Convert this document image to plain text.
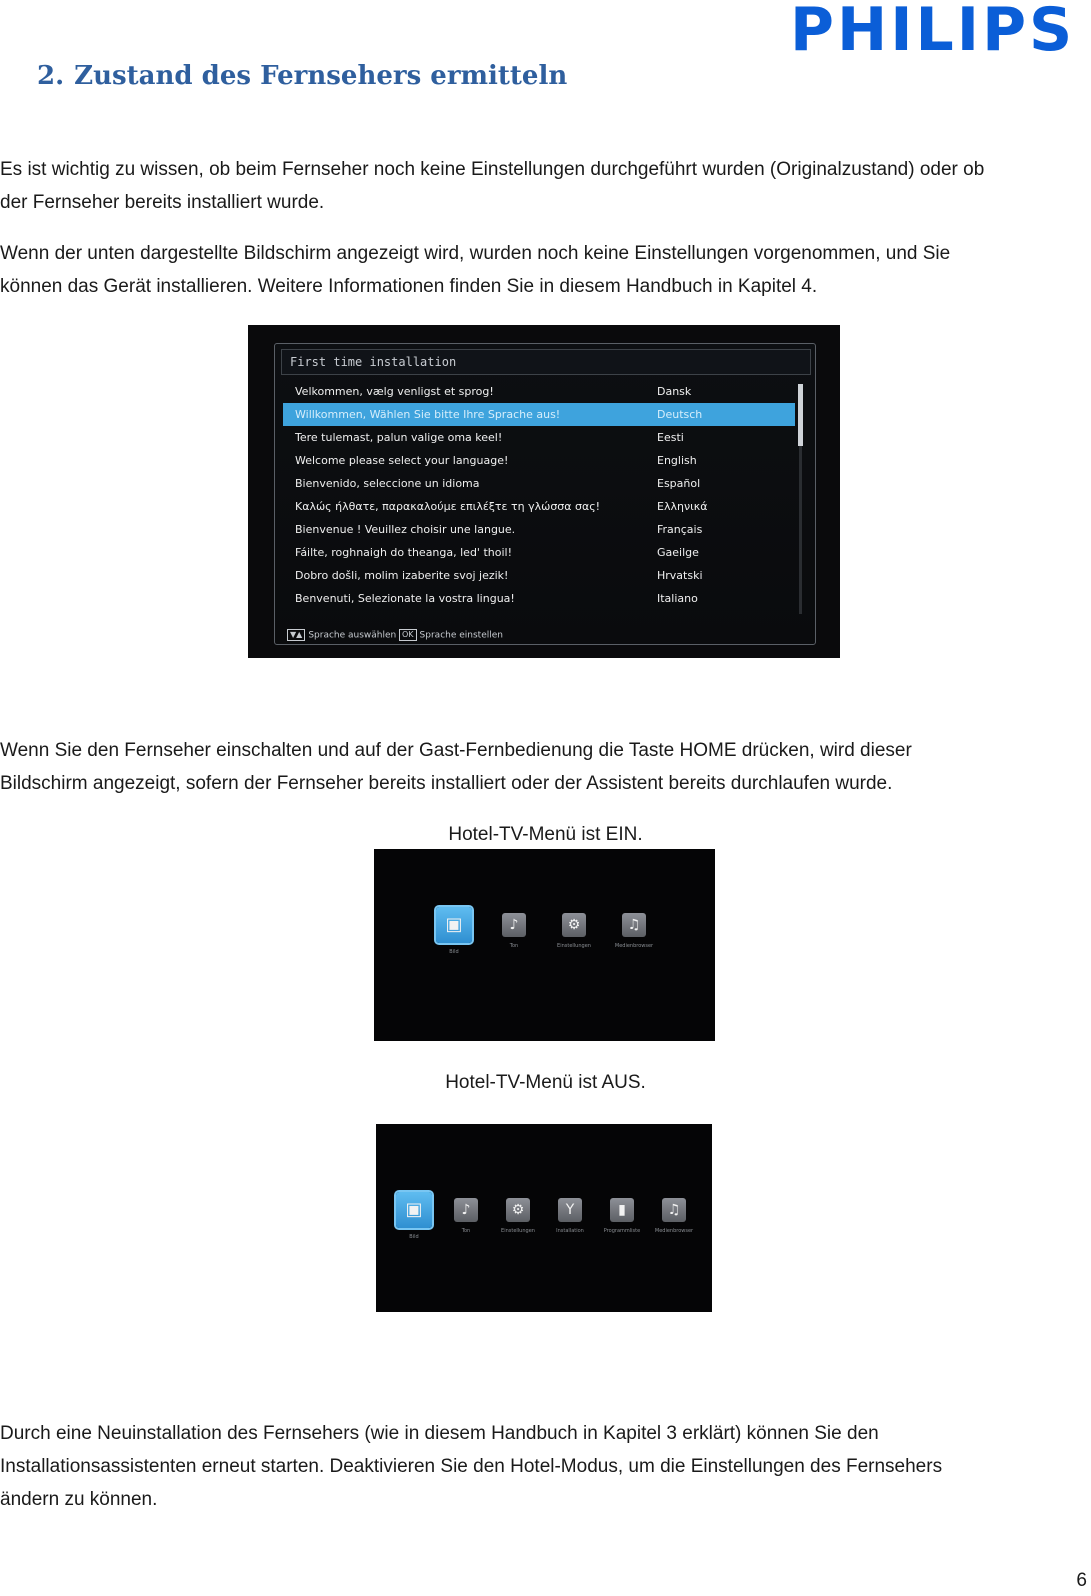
PHILIPS
2. Zustand des Fernsehers ermitteln

Es ist wichtig zu wissen, ob beim Fernseher noch keine Einstellungen durchgeführt wurden (Originalzustand) oder ob
der Fernseher bereits installiert wurde.

Wenn der unten dargestellte Bildschirm angezeigt wird, wurden noch keine Einstellungen vorgenommen, und Sie
können das Gerät installieren. Weitere Informationen finden Sie in diesem Handbuch in Kapitel 4.

First time installation
Velkommen, vælg venligst et sprog!	Dansk
Willkommen, Wählen Sie bitte Ihre Sprache aus!	Deutsch
Tere tulemast, palun valige oma keel!	Eesti
Welcome please select your language!	English
Bienvenido, seleccione un idioma	Español
Καλώς ήλθατε, παρακαλούμε επιλέξτε τη γλώσσα σας!	Ελληνικά
Bienvenue ! Veuillez choisir une langue.	Français
Fáilte, roghnaigh do theanga, led' thoil!	Gaeilge
Dobro došli, molim izaberite svoj jezik!	Hrvatski
Benvenuti, Selezionate la vostra lingua!	Italiano
▼▲ Sprache auswählen OK Sprache einstellen

Wenn Sie den Fernseher einschalten und auf der Gast-Fernbedienung die Taste HOME drücken, wird dieser
Bildschirm angezeigt, sofern der Fernseher bereits installiert oder der Assistent bereits durchlaufen wurde.

Hotel-TV-Menü ist EIN.
▣
Bild
♪
Ton
⚙
Einstellungen
♫
Medienbrowser
Hotel-TV-Menü ist AUS.
▣
Bild
♪
Ton
⚙
Einstellungen
Y
Installation
▮
Programmliste
♫
Medienbrowser

Durch eine Neuinstallation des Fernsehers (wie in diesem Handbuch in Kapitel 3 erklärt) können Sie den
Installationsassistenten erneut starten. Deaktivieren Sie den Hotel-Modus, um die Einstellungen des Fernsehers
ändern zu können.

6
